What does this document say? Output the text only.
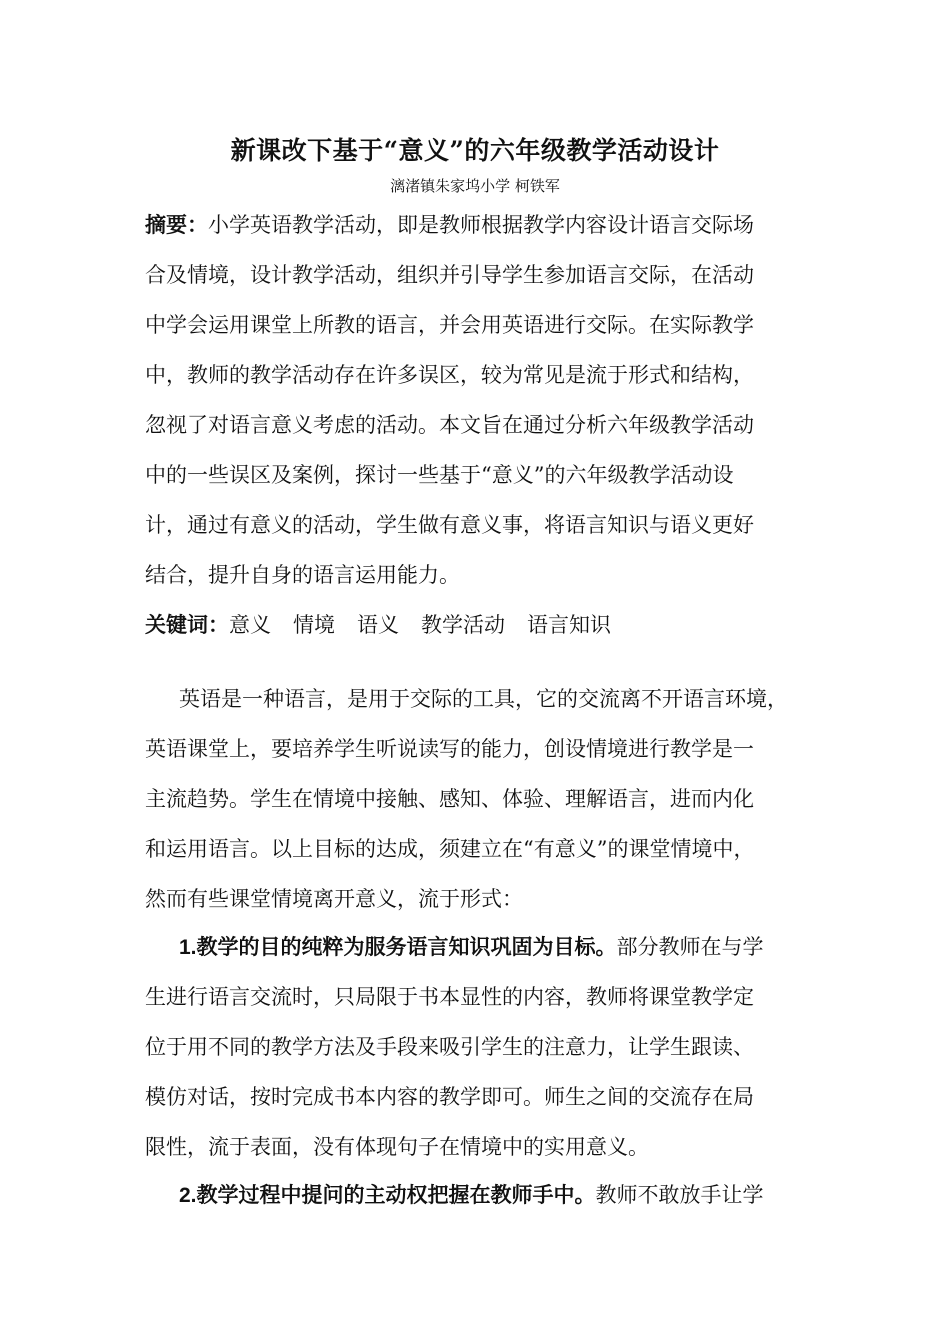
新课改下基于“意义”的六年级教学活动设计
漓渚镇朱家坞小学 柯铁军
摘要：小学英语教学活动，即是教师根据教学内容设计语言交际场
合及情境，设计教学活动，组织并引导学生参加语言交际，在活动
中学会运用课堂上所教的语言，并会用英语进行交际。在实际教学
中，教师的教学活动存在许多误区，较为常见是流于形式和结构，
忽视了对语言意义考虑的活动。本文旨在通过分析六年级教学活动
中的一些误区及案例，探讨一些基于“意义”的六年级教学活动设
计，通过有意义的活动，学生做有意义事，将语言知识与语义更好
结合，提升自身的语言运用能力。
关键词：意义 情境 语义 教学活动 语言知识
英语是一种语言，是用于交际的工具，它的交流离不开语言环境，
英语课堂上，要培养学生听说读写的能力，创设情境进行教学是一
主流趋势。学生在情境中接触、感知、体验、理解语言，进而内化
和运用语言。以上目标的达成，须建立在“有意义”的课堂情境中，
然而有些课堂情境离开意义，流于形式：
1.教学的目的纯粹为服务语言知识巩固为目标。部分教师在与学
生进行语言交流时，只局限于书本显性的内容，教师将课堂教学定
位于用不同的教学方法及手段来吸引学生的注意力，让学生跟读、
模仿对话，按时完成书本内容的教学即可。师生之间的交流存在局
限性，流于表面，没有体现句子在情境中的实用意义。
2.教学过程中提问的主动权把握在教师手中。教师不敢放手让学
